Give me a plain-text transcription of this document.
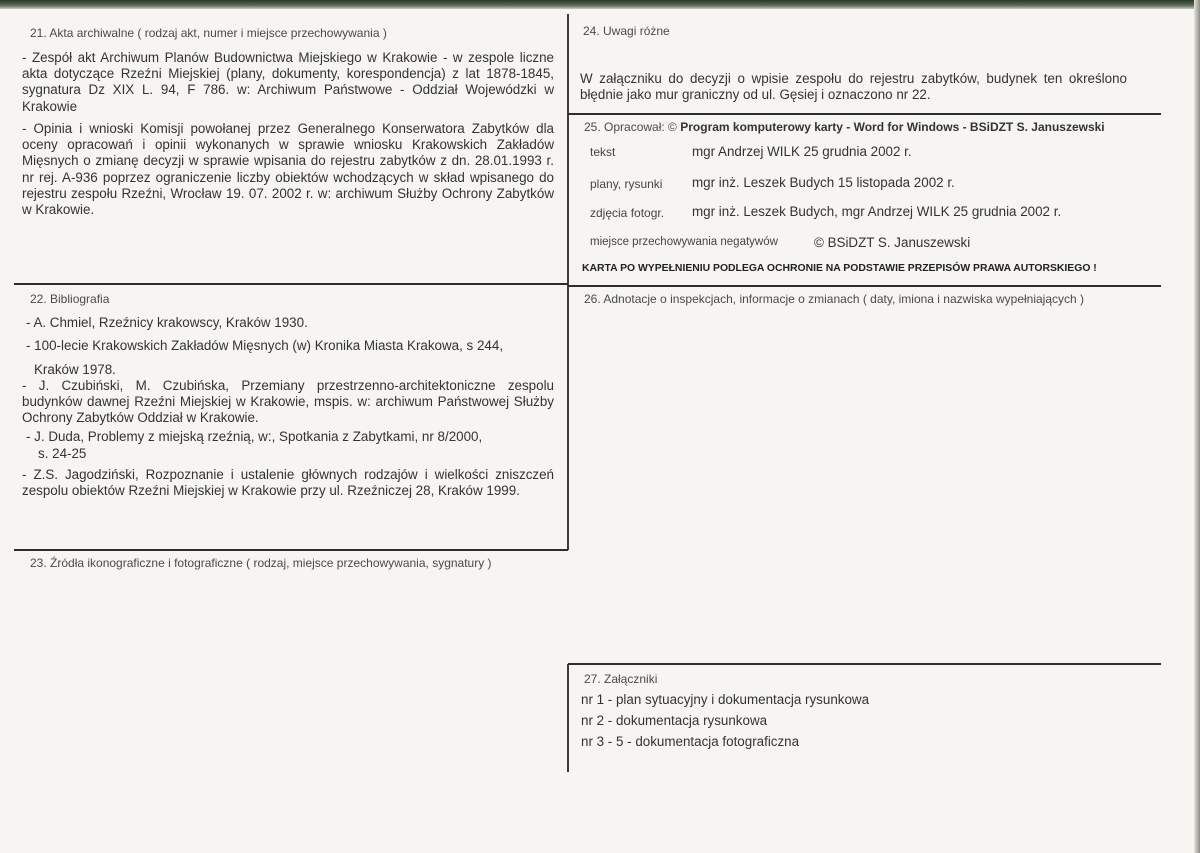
21. Akta archiwalne ( rodzaj akt, numer i miejsce przechowywania )
- Zespół akt Archiwum Planów Budownictwa Miejskiego w Krakowie - w zespole liczne akta dotyczące Rzeźni Miejskiej (plany, dokumenty, korespondencja) z lat 1878-1845, sygnatura Dz XIX L. 94, F 786. w: Archiwum Państwowe - Oddział Wojewódzki w Krakowie
- Opinia i wnioski Komisji powołanej przez Generalnego Konserwatora Zabytków dla oceny opracowań i opinii wykonanych w sprawie wniosku Krakowskich Zakładów Mięsnych o zmianę decyzji w sprawie wpisania do rejestru zabytków z dn. 28.01.1993 r. nr rej. A-936 poprzez ograniczenie liczby obiektów wchodzących w skład wpisanego do rejestru zespołu Rzeźni, Wrocław 19. 07. 2002 r. w: archiwum Służby Ochrony Zabytków w Krakowie.
22. Bibliografia
- A. Chmiel, Rzeźnicy krakowscy, Kraków 1930.
- 100-lecie Krakowskich Zakładów Mięsnych (w) Kronika Miasta Krakowa, s 244,
Kraków 1978.
- J. Czubiński, M. Czubińska, Przemiany przestrzenno-architektoniczne zespolu budynków dawnej Rzeźni Miejskiej w Krakowie, mspis. w: archiwum Państwowej Służby Ochrony Zabytków Oddział w Krakowie.
- J. Duda, Problemy z miejską rzeźnią, w:, Spotkania z Zabytkami, nr 8/2000,
s. 24-25
- Z.S. Jagodziński, Rozpoznanie i ustalenie głównych rodzajów i wielkości zniszczeń zespolu obiektów Rzeźni Miejskiej w Krakowie przy ul. Rzeźniczej 28, Kraków 1999.
23. Źródła ikonograficzne i fotograficzne ( rodzaj, miejsce przechowywania, sygnatury )
24. Uwagi różne
W załączniku do decyzji o wpisie zespołu do rejestru zabytków, budynek ten określono błędnie jako mur graniczny od ul. Gęsiej i oznaczono nr 22.
25. Opracował: © Program komputerowy karty - Word for Windows - BSiDZT S. Januszewski
tekst	mgr Andrzej WILK 25 grudnia 2002 r.
plany, rysunki mgr inż. Leszek Budych 15 listopada 2002 r.
zdjęcia fotogr. mgr inż. Leszek Budych, mgr Andrzej WILK 25 grudnia 2002 r.
miejsce przechowywania negatywów	© BSiDZT S. Januszewski
KARTA PO WYPEŁNIENIU PODLEGA OCHRONIE NA PODSTAWIE PRZEPISÓW PRAWA AUTORSKIEGO !
26. Adnotacje o inspekcjach, informacje o zmianach ( daty, imiona i nazwiska wypełniających )
27. Załączniki
nr 1 - plan sytuacyjny i dokumentacja rysunkowa
nr 2 - dokumentacja rysunkowa
nr 3 - 5 - dokumentacja fotograficzna
